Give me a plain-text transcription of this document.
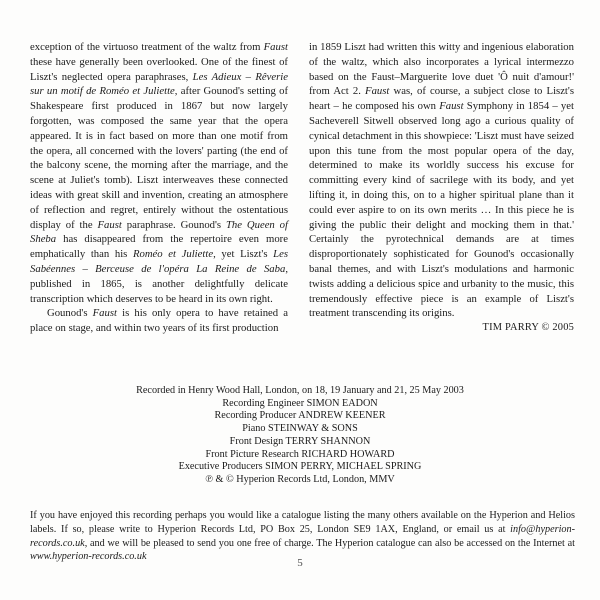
exception of the virtuoso treatment of the waltz from Faust these have generally been overlooked. One of the finest of Liszt's neglected opera paraphrases, Les Adieux – Rêverie sur un motif de Roméo et Juliette, after Gounod's setting of Shakespeare first produced in 1867 but now largely forgotten, was composed the same year that the opera appeared. It is in fact based on more than one motif from the opera, all concerned with the lovers' parting (the end of the balcony scene, the morning after the marriage, and the scene at Juliet's tomb). Liszt interweaves these connected ideas with great skill and invention, creating an atmosphere of reflection and regret, entirely without the ostentatious display of the Faust paraphrase. Gounod's The Queen of Sheba has disappeared from the repertoire even more emphatically than his Roméo et Juliette, yet Liszt's Les Sabéennes – Berceuse de l'opéra La Reine de Saba, published in 1865, is another delightfully delicate transcription which deserves to be heard in its own right.

Gounod's Faust is his only opera to have retained a place on stage, and within two years of its first production

in 1859 Liszt had written this witty and ingenious elaboration of the waltz, which also incorporates a lyrical intermezzo based on the Faust–Marguerite love duet 'Ô nuit d'amour!' from Act 2. Faust was, of course, a subject close to Liszt's heart – he composed his own Faust Symphony in 1854 – yet Sacheverell Sitwell observed long ago a curious quality of cynical detachment in this showpiece: 'Liszt must have seized upon this tune from the most popular opera of the day, determined to make its worldly success his excuse for committing every kind of sacrilege with its body, and yet lifting it, in doing this, on to a higher spiritual plane than it could ever aspire to on its own merits … In this piece he is giving the public their delight and mocking them in that.' Certainly the pyrotechnical demands are at times disproportionately sophisticated for Gounod's occasionally banal themes, and with Liszt's modulations and harmonic twists adding a delicious spice and urbanity to the music, this tremendously effective piece is an example of Liszt's treatment transcending its origins.

TIM PARRY © 2005

Recorded in Henry Wood Hall, London, on 18, 19 January and 21, 25 May 2003
Recording Engineer SIMON EADON
Recording Producer ANDREW KEENER
Piano STEINWAY & SONS
Front Design TERRY SHANNON
Front Picture Research RICHARD HOWARD
Executive Producers SIMON PERRY, MICHAEL SPRING
℗ & © Hyperion Records Ltd, London, MMV

If you have enjoyed this recording perhaps you would like a catalogue listing the many others available on the Hyperion and Helios labels. If so, please write to Hyperion Records Ltd, PO Box 25, London SE9 1AX, England, or email us at info@hyperion-records.co.uk, and we will be pleased to send you one free of charge. The Hyperion catalogue can also be accessed on the Internet at www.hyperion-records.co.uk

5
